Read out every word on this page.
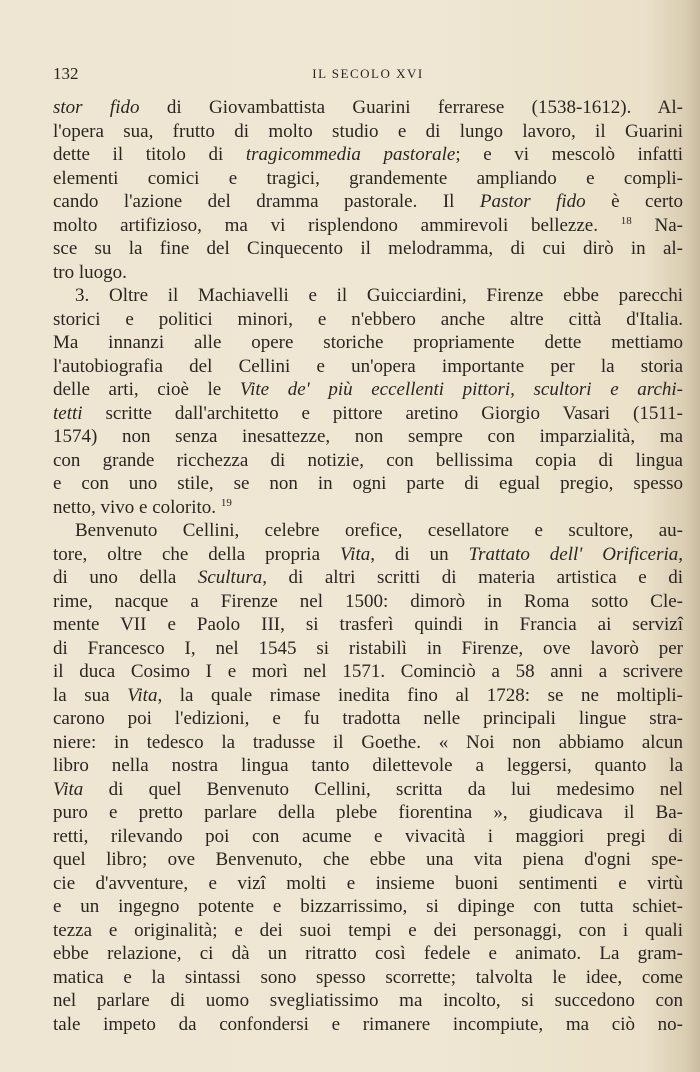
132	IL SECOLO XVI
stor fido di Giovambattista Guarini ferrarese (1538-1612). Al-
l'opera sua, frutto di molto studio e di lungo lavoro, il Guarini
dette il titolo di tragicommedia pastorale; e vi mescolò infatti
elementi comici e tragici, grandemente ampliando e compli-
cando l'azione del dramma pastorale. Il Pastor fido è certo
molto artifizioso, ma vi risplendono ammirevoli bellezze. $^{18}$ Na-
sce su la fine del Cinquecento il melodramma, di cui dirò in al-
tro luogo.
3. Oltre il Machiavelli e il Guicciardini, Firenze ebbe parecchi
storici e politici minori, e n'ebbero anche altre città d'Italia.
Ma innanzi alle opere storiche propriamente dette mettiamo
l'autobiografia del Cellini e un'opera importante per la storia
delle arti, cioè le Vite de' più eccellenti pittori, scultori e archi-
tetti scritte dall'architetto e pittore aretino Giorgio Vasari (1511-
1574) non senza inesattezze, non sempre con imparzialità, ma
con grande ricchezza di notizie, con bellissima copia di lingua
e con uno stile, se non in ogni parte di egual pregio, spesso
netto, vivo e colorito. $^{19}$
Benvenuto Cellini, celebre orefice, cesellatore e scultore, au-
tore, oltre che della propria Vita, di un Trattato dell' Orificeria,
di uno della Scultura, di altri scritti di materia artistica e di
rime, nacque a Firenze nel 1500: dimorò in Roma sotto Cle-
mente VII e Paolo III, si trasferì quindi in Francia ai servizî
di Francesco I, nel 1545 si ristabilì in Firenze, ove lavorò per
il duca Cosimo I e morì nel 1571. Cominciò a 58 anni a scrivere
la sua Vita, la quale rimase inedita fino al 1728: se ne moltipli-
carono poi l'edizioni, e fu tradotta nelle principali lingue stra-
niere: in tedesco la tradusse il Goethe. « Noi non abbiamo alcun
libro nella nostra lingua tanto dilettevole a leggersi, quanto la
Vita di quel Benvenuto Cellini, scritta da lui medesimo nel
puro e pretto parlare della plebe fiorentina », giudicava il Ba-
retti, rilevando poi con acume e vivacità i maggiori pregi di
quel libro; ove Benvenuto, che ebbe una vita piena d'ogni spe-
cie d'avventure, e vizî molti e insieme buoni sentimenti e virtù
e un ingegno potente e bizzarrissimo, si dipinge con tutta schiet-
tezza e originalità; e dei suoi tempi e dei personaggi, con i quali
ebbe relazione, ci dà un ritratto così fedele e animato. La gram-
matica e la sintassi sono spesso scorrette; talvolta le idee, come
nel parlare di uomo svegliatissimo ma incolto, si succedono con
tale impeto da confondersi e rimanere incompiute, ma ciò no-
